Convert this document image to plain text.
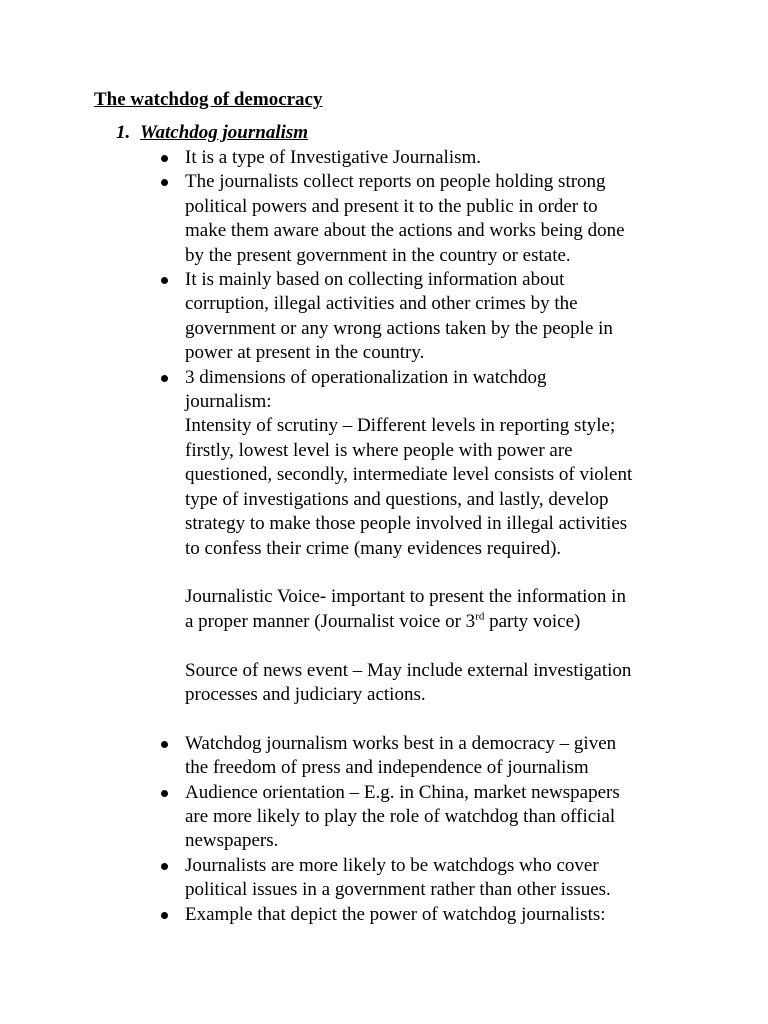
The watchdog of democracy
1. Watchdog journalism
It is a type of Investigative Journalism.
The journalists collect reports on people holding strong
political powers and present it to the public in order to
make them aware about the actions and works being done
by the present government in the country or estate.
It is mainly based on collecting information about
corruption, illegal activities and other crimes by the
government or any wrong actions taken by the people in
power at present in the country.
3 dimensions of operationalization in watchdog
journalism:
Intensity of scrutiny – Different levels in reporting style;
firstly, lowest level is where people with power are
questioned, secondly, intermediate level consists of violent
type of investigations and questions, and lastly, develop
strategy to make those people involved in illegal activities
to confess their crime (many evidences required).
Journalistic Voice- important to present the information in
a proper manner (Journalist voice or 3rd party voice)
Source of news event – May include external investigation
processes and judiciary actions.
Watchdog journalism works best in a democracy – given
the freedom of press and independence of journalism
Audience orientation – E.g. in China, market newspapers
are more likely to play the role of watchdog than official
newspapers.
Journalists are more likely to be watchdogs who cover
political issues in a government rather than other issues.
Example that depict the power of watchdog journalists:
